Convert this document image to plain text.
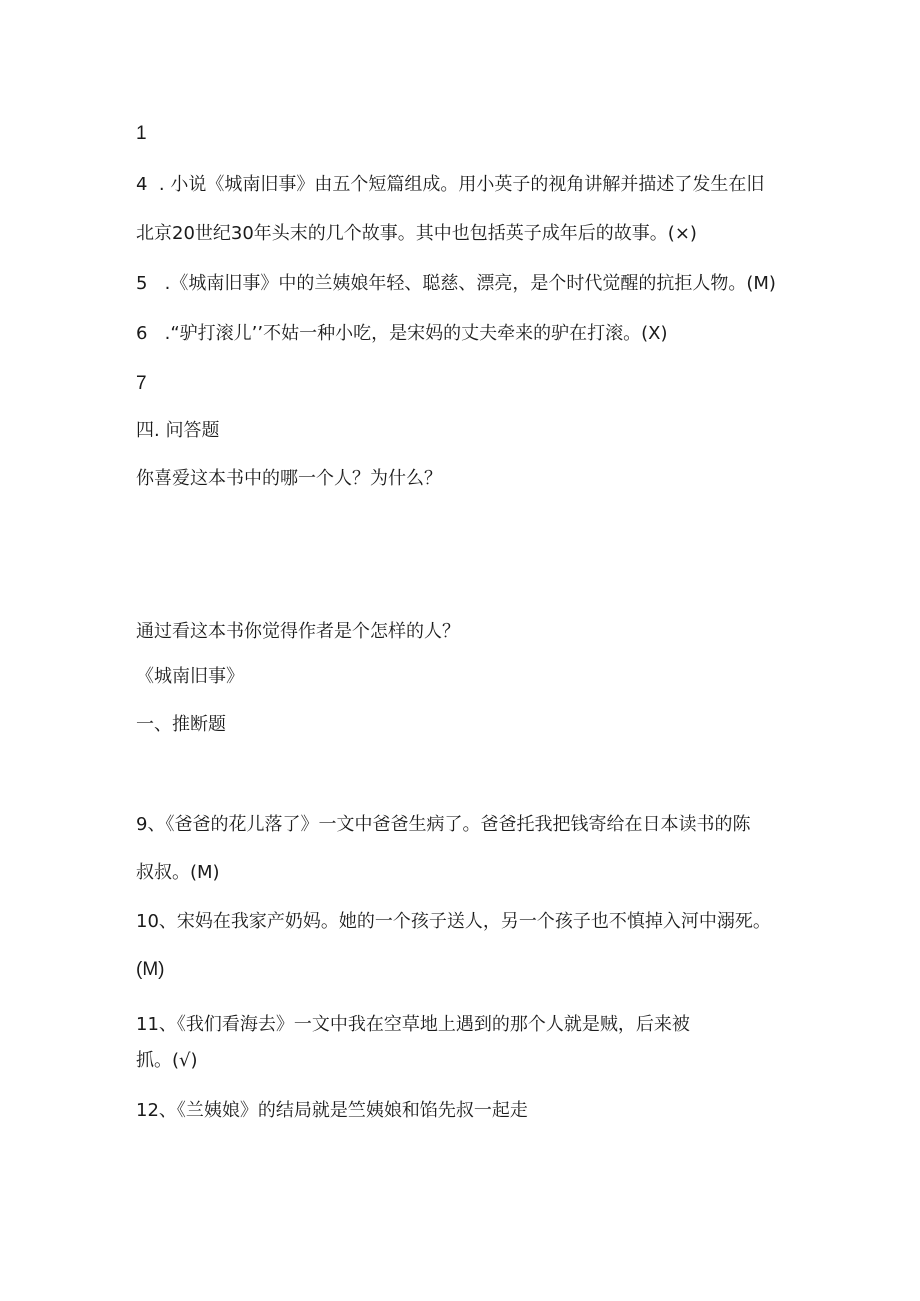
1
4  . 小说《城南旧事》由五个短篇组成。用小英子的视角讲解并描述了发生在旧
北京20世纪30年头末的几个故事。其中也包括英子成年后的故事。(×)
5   .《城南旧事》中的兰姨娘年轻、聪慈、漂亮，是个时代觉醒的抗拒人物。(M)
6   .“驴打滚儿’’不姑一种小吃，是宋妈的丈夫牵来的驴在打滚。(X)
7
四. 问答题
你喜爱这本书中的哪一个人？为什么？
通过看这本书你觉得作者是个怎样的人？
《城南旧事》
一、推断题
9、《爸爸的花儿落了》一文中爸爸生病了。爸爸托我把钱寄给在日本读书的陈
叔叔。(M)
10、宋妈在我家产奶妈。她的一个孩子送人，另一个孩子也不慎掉入河中溺死。
(M)
11、《我们看海去》一文中我在空草地上遇到的那个人就是贼，后来被
抓。(√)
12、《兰姨娘》的结局就是竺姨娘和馅先叔一起走
